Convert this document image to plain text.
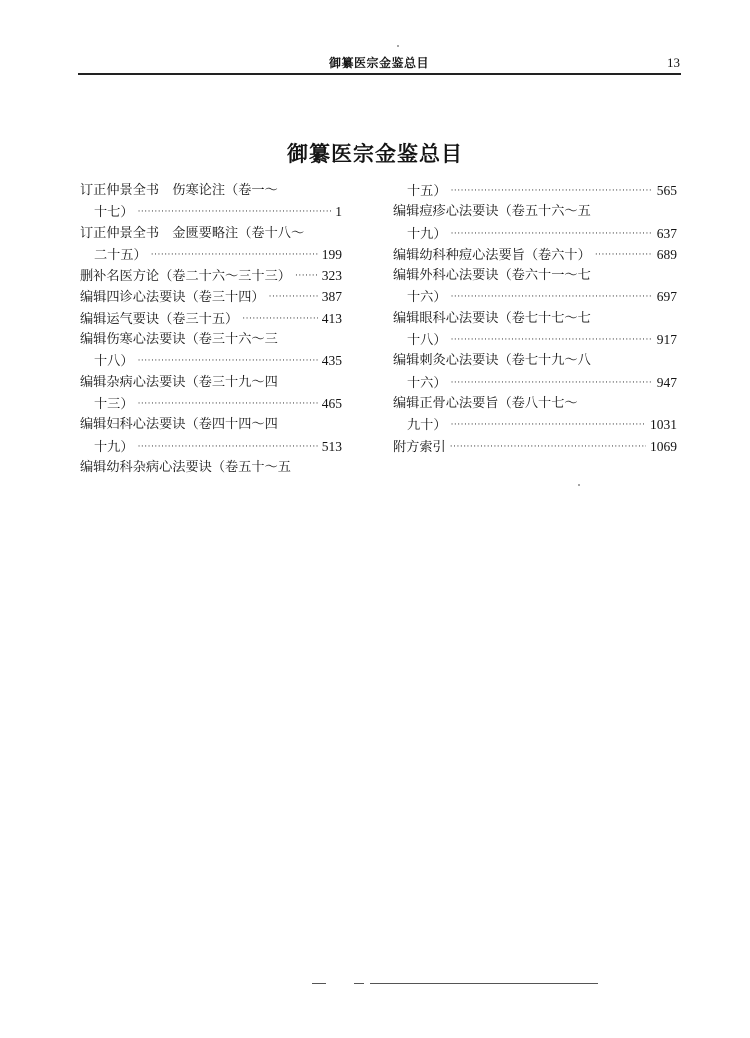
御纂医宗金鉴总目	13
御纂医宗金鉴总目
订正仲景全书　伤寒论注（卷一～
十七） ·····	1
订正仲景全书　金匮要略注（卷十八～
二十五） ·····	199
删补名医方论（卷二十六～三十三） ····· 323
编辑四诊心法要诀（卷三十四） ·····	387
编辑运气要诀（卷三十五） ·····	413
编辑伤寒心法要诀（卷三十六～三
十八） ·····	435
编辑杂病心法要诀（卷三十九～四
十三） ·····	465
编辑妇科心法要诀（卷四十四～四
十九） ·····	513
编辑幼科杂病心法要诀（卷五十～五
十五） ·····	565
编辑痘疹心法要诀（卷五十六～五
十九） ·····	637
编辑幼科种痘心法要旨（卷六十） ·····	689
编辑外科心法要诀（卷六十一～七
十六） ·····	697
编辑眼科心法要诀（卷七十七～七
十八） ·····	917
编辑刺灸心法要诀（卷七十九～八
十六） ·····	947
编辑正骨心法要旨（卷八十七～
九十） ·····	1031
附方索引 ·····	1069
